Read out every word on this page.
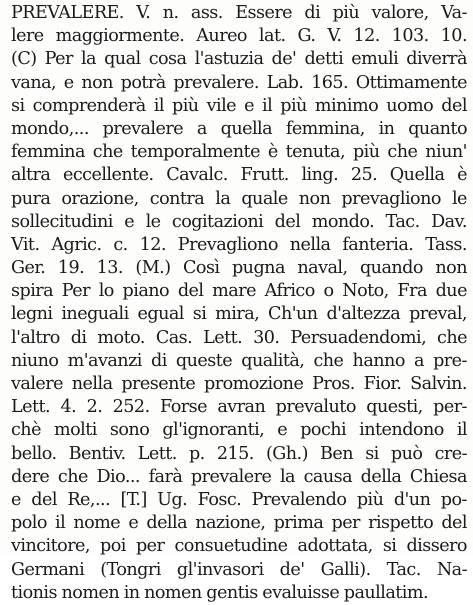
PREVALERE. V. n. ass. Essere di più valore, Va-
lere maggiormente. Aureo lat. G. V. 12. 103. 10.
(C) Per la qual cosa l'astuzia de' detti emuli diverrà
vana, e non potrà prevalere. Lab. 165. Ottimamente
si comprenderà il più vile e il più minimo uomo del
mondo,... prevalere a quella femmina, in quanto
femmina che temporalmente è tenuta, più che niun'
altra eccellente. Cavalc. Frutt. ling. 25. Quella è
pura orazione, contra la quale non prevagliono le
sollecitudini e le cogitazioni del mondo. Tac. Dav.
Vit. Agric. c. 12. Prevagliono nella fanteria. Tass.
Ger. 19. 13. (M.) Così pugna naval, quando non
spira Per lo piano del mare Africo o Noto, Fra due
legni ineguali egual si mira, Ch'un d'altezza preval,
l'altro di moto. Cas. Lett. 30. Persuadendomi, che
niuno m'avanzi di queste qualità, che hanno a pre-
valere nella presente promozione Pros. Fior. Salvin.
Lett. 4. 2. 252. Forse avran prevaluto questi, per-
chè molti sono gl'ignoranti, e pochi intendono il
bello. Bentiv. Lett. p. 215. (Gh.) Ben si può cre-
dere che Dio... farà prevalere la causa della Chiesa
e del Re,... [T.] Ug. Fosc. Prevalendo più d'un po-
polo il nome e della nazione, prima per rispetto del
vincitore, poi per consuetudine adottata, si dissero
Germani (Tongri gl'invasori de' Galli). Tac. Na-
tionis nomen in nomen gentis evaluisse paullatim.
